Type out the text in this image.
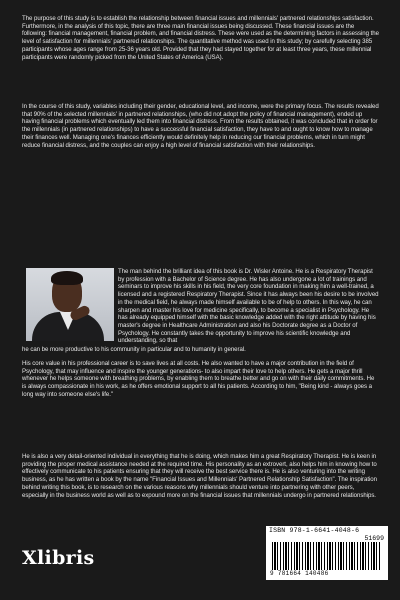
The purpose of this study is to establish the relationship between financial issues and millennials' partnered relationships satisfaction. Furthermore, in the analysis of this topic, there are three main financial issues being discussed. These financial issues are the following: financial management, financial problem, and financial distress. These were used as the determining factors in assessing the level of satisfaction for millennials' partnered relationships. The quantitative method was used in this study; by carefully selecting 385 participants whose ages range from 25-36 years old. Provided that they had stayed together for at least three years, these millennial participants were randomly picked from the United States of America (USA).

In the course of this study, variables including their gender, educational level, and income, were the primary focus. The results revealed that 90% of the selected millennials' in partnered relationships, (who did not adopt the policy of financial management), ended up having financial problems which eventually led them into financial distress. From the results obtained, it was concluded that in order for the millennials (in partnered relationships) to have a successful financial satisfaction, they have to and ought to know how to manage their finances well. Managing one's finances efficiently would definitely help in reducing our financial problems, which in turn might reduce financial distress, and the couples can enjoy a high level of financial satisfaction with their relationships.

The man behind the brilliant idea of this book is Dr. Wisler Antoine. He is a Respiratory Therapist by profession with a Bachelor of Science degree. He has also undergone a lot of trainings and seminars to improve his skills in his field, the very core foundation in making him a well-trained, a licensed and a registered Respiratory Therapist. Since it has always been his desire to be involved in the medical field, he always made himself available to be of help to others. In this way, he can sharpen and master his love for medicine specifically, to become a specialist in Psychology. He has already equipped himself with the basic knowledge added with the right attitude by having his master's degree in Healthcare Administration and also his Doctorate degree as a Doctor of Psychology. He constantly takes the opportunity to improve his scientific knowledge and understanding, so that

he can be more productive to his community in particular and to humanity in general.

His core value in his professional career is to save lives at all costs. He also wanted to have a major contribution in the field of Psychology, that may influence and inspire the younger generations- to also impart their love to help others. He gets a major thrill whenever he helps someone with breathing problems, by enabling them to breathe better and go on with their daily commitments. He is always compassionate in his work, as he offers emotional support to all his patients. According to him, "Being kind - always goes a long way into someone else's life."

He is also a very detail-oriented individual in everything that he is doing, which makes him a great Respiratory Therapist. He is keen in providing the proper medical assistance needed at the required time. His personality as an extrovert, also helps him in knowing how to effectively communicate to his patients ensuring that they will receive the best service there is. He is also venturing into the writing business, as he has written a book by the name "Financial Issues and Millennials' Partnered Relationship Satisfaction". The inspiration behind writing this book, is to research on the various reasons why millennials should venture into partnering with other peers, especially in the business world as well as to expound more on the financial issues that millennials undergo in partnered relationships.

Xlibris
ISBN 978-1-6641-4048-6
51699
9 781664 140486
